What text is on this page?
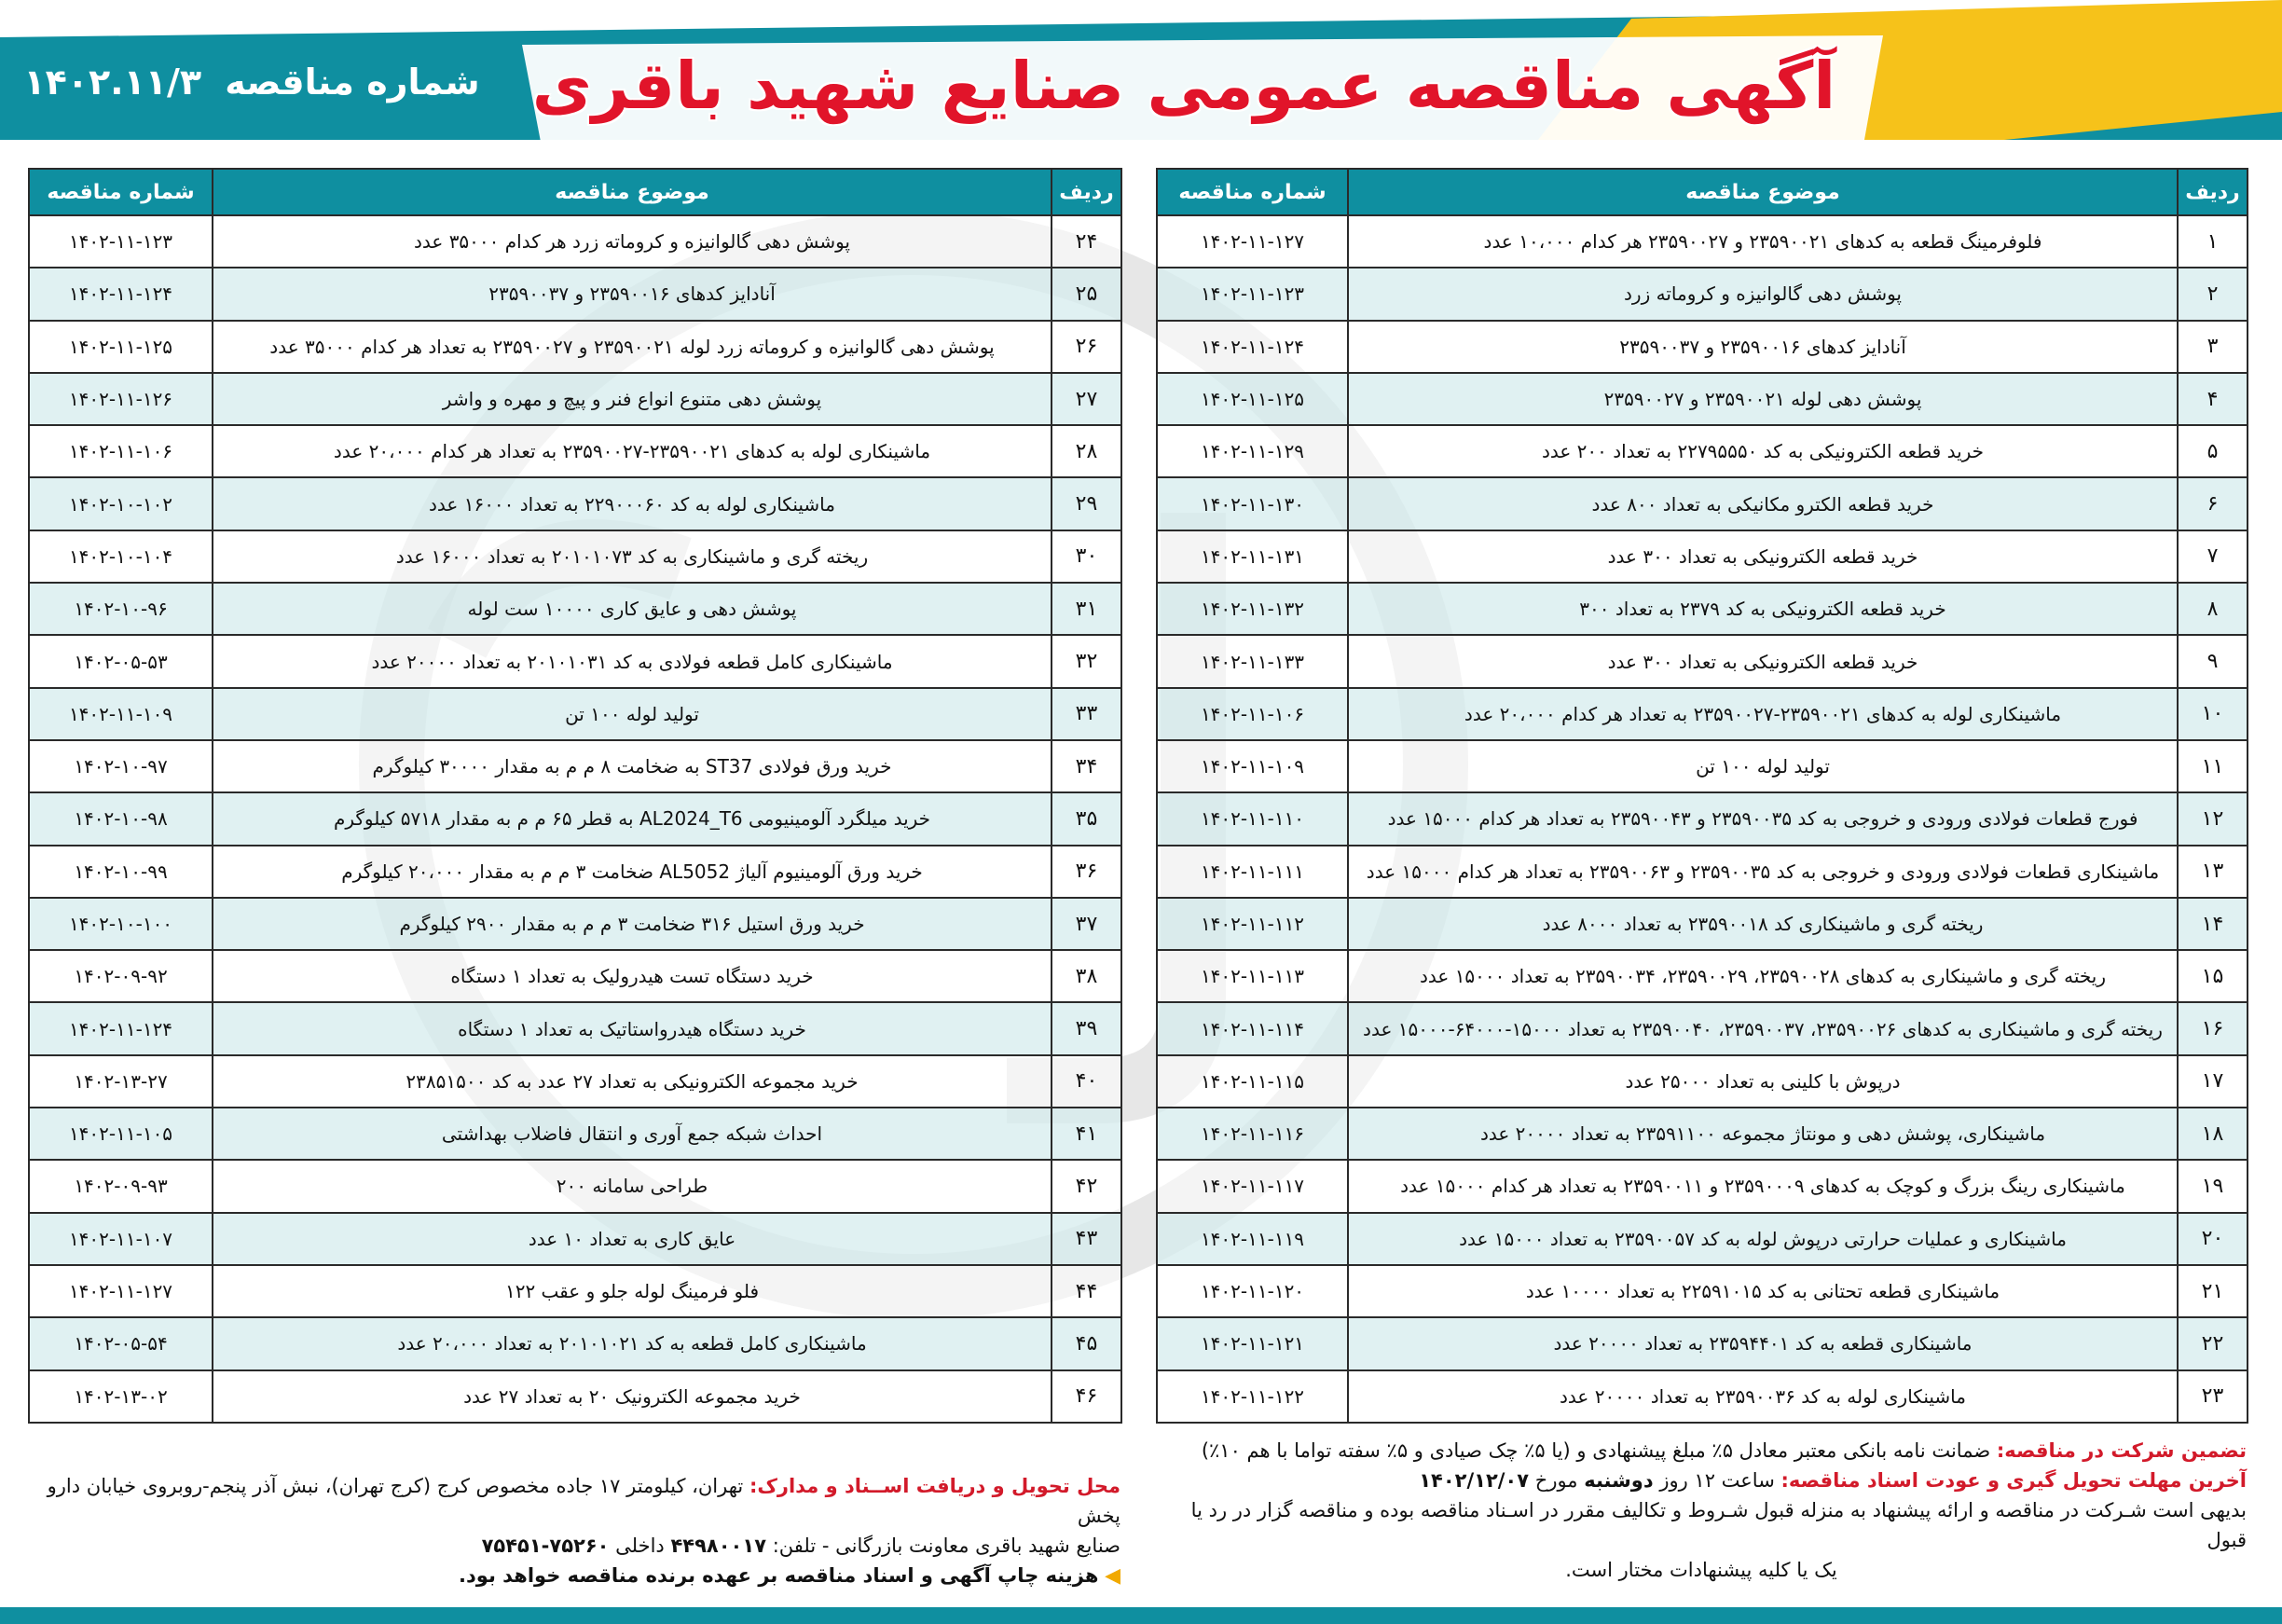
آگهی مناقصه عمومی صنایع شهید باقری
شماره مناقصه ۱۴۰۲.۱۱/۳
ردیف	موضوع مناقصه	شماره مناقصه
۱	فلوفرمینگ قطعه به کدهای ۲۳۵۹۰۰۲۱ و ۲۳۵۹۰۰۲۷ هر کدام ۱۰،۰۰۰ عدد	۱۴۰۲-۱۱-۱۲۷
۲	پوشش دهی گالوانیزه و کروماته زرد	۱۴۰۲-۱۱-۱۲۳
۳	آنادایز کدهای ۲۳۵۹۰۰۱۶ و ۲۳۵۹۰۰۳۷	۱۴۰۲-۱۱-۱۲۴
۴	پوشش دهی لوله ۲۳۵۹۰۰۲۱ و ۲۳۵۹۰۰۲۷	۱۴۰۲-۱۱-۱۲۵
۵	خرید قطعه الکترونیکی به کد ۲۲۷۹۵۵۵۰ به تعداد ۲۰۰ عدد	۱۴۰۲-۱۱-۱۲۹
۶	خرید قطعه الکترو مکانیکی به تعداد ۸۰۰ عدد	۱۴۰۲-۱۱-۱۳۰
۷	خرید قطعه الکترونیکی به تعداد ۳۰۰ عدد	۱۴۰۲-۱۱-۱۳۱
۸	خرید قطعه الکترونیکی به کد ۲۳۷۹ به تعداد ۳۰۰	۱۴۰۲-۱۱-۱۳۲
۹	خرید قطعه الکترونیکی به تعداد ۳۰۰ عدد	۱۴۰۲-۱۱-۱۳۳
۱۰	ماشینکاری لوله به کدهای ۲۳۵۹۰۰۲۱-۲۳۵۹۰۰۲۷ به تعداد هر کدام ۲۰،۰۰۰ عدد	۱۴۰۲-۱۱-۱۰۶
۱۱	تولید لوله ۱۰۰ تن	۱۴۰۲-۱۱-۱۰۹
۱۲	فورج قطعات فولادی ورودی و خروجی به کد ۲۳۵۹۰۰۳۵ و ۲۳۵۹۰۰۴۳ به تعداد هر کدام ۱۵۰۰۰ عدد	۱۴۰۲-۱۱-۱۱۰
۱۳	ماشینکاری قطعات فولادی ورودی و خروجی به کد ۲۳۵۹۰۰۳۵ و ۲۳۵۹۰۰۶۳ به تعداد هر کدام ۱۵۰۰۰ عدد	۱۴۰۲-۱۱-۱۱۱
۱۴	ریخته گری و ماشینکاری کد ۲۳۵۹۰۰۱۸ به تعداد ۸۰۰۰ عدد	۱۴۰۲-۱۱-۱۱۲
۱۵	ریخته گری و ماشینکاری به کدهای ۲۳۵۹۰۰۲۸، ۲۳۵۹۰۰۲۹، ۲۳۵۹۰۰۳۴ به تعداد ۱۵۰۰۰ عدد	۱۴۰۲-۱۱-۱۱۳
۱۶	ریخته گری و ماشینکاری به کدهای ۲۳۵۹۰۰۲۶، ۲۳۵۹۰۰۳۷، ۲۳۵۹۰۰۴۰ به تعداد ۱۵۰۰۰-۶۴۰۰۰-۱۵۰۰۰ عدد	۱۴۰۲-۱۱-۱۱۴
۱۷	درپوش با کلینی به تعداد ۲۵۰۰۰ عدد	۱۴۰۲-۱۱-۱۱۵
۱۸	ماشینکاری، پوشش دهی و مونتاژ مجموعه ۲۳۵۹۱۱۰۰ به تعداد ۲۰۰۰۰ عدد	۱۴۰۲-۱۱-۱۱۶
۱۹	ماشینکاری رینگ بزرگ و کوچک به کدهای ۲۳۵۹۰۰۰۹ و ۲۳۵۹۰۰۱۱ به تعداد هر کدام ۱۵۰۰۰ عدد	۱۴۰۲-۱۱-۱۱۷
۲۰	ماشینکاری و عملیات حرارتی درپوش لوله به کد ۲۳۵۹۰۰۵۷ به تعداد ۱۵۰۰۰ عدد	۱۴۰۲-۱۱-۱۱۹
۲۱	ماشینکاری قطعه تحتانی به کد ۲۲۵۹۱۰۱۵ به تعداد ۱۰۰۰۰ عدد	۱۴۰۲-۱۱-۱۲۰
۲۲	ماشینکاری قطعه به کد ۲۳۵۹۴۴۰۱ به تعداد ۲۰۰۰۰ عدد	۱۴۰۲-۱۱-۱۲۱
۲۳	ماشینکاری لوله به کد ۲۳۵۹۰۰۳۶ به تعداد ۲۰۰۰۰ عدد	۱۴۰۲-۱۱-۱۲۲
ردیف	موضوع مناقصه	شماره مناقصه
۲۴	پوشش دهی گالوانیزه و کروماته زرد هر کدام ۳۵۰۰۰ عدد	۱۴۰۲-۱۱-۱۲۳
۲۵	آنادایز کدهای ۲۳۵۹۰۰۱۶ و ۲۳۵۹۰۰۳۷	۱۴۰۲-۱۱-۱۲۴
۲۶	پوشش دهی گالوانیزه و کروماته زرد لوله ۲۳۵۹۰۰۲۱ و ۲۳۵۹۰۰۲۷ به تعداد هر کدام ۳۵۰۰۰ عدد	۱۴۰۲-۱۱-۱۲۵
۲۷	پوشش دهی متنوع انواع فنر و پیچ و مهره و واشر	۱۴۰۲-۱۱-۱۲۶
۲۸	ماشینکاری لوله به کدهای ۲۳۵۹۰۰۲۱-۲۳۵۹۰۰۲۷ به تعداد هر کدام ۲۰،۰۰۰ عدد	۱۴۰۲-۱۱-۱۰۶
۲۹	ماشینکاری لوله به کد ۲۲۹۰۰۰۶۰ به تعداد ۱۶۰۰۰ عدد	۱۴۰۲-۱۰-۱۰۲
۳۰	ریخته گری و ماشینکاری به کد ۲۰۱۰۱۰۷۳ به تعداد ۱۶۰۰۰ عدد	۱۴۰۲-۱۰-۱۰۴
۳۱	پوشش دهی و عایق کاری ۱۰۰۰۰ ست لوله	۱۴۰۲-۱۰-۹۶
۳۲	ماشینکاری کامل قطعه فولادی به کد ۲۰۱۰۱۰۳۱ به تعداد ۲۰۰۰۰ عدد	۱۴۰۲-۰۵-۵۳
۳۳	تولید لوله ۱۰۰ تن	۱۴۰۲-۱۱-۱۰۹
۳۴	خرید ورق فولادی ST37 به ضخامت ۸ م م به مقدار ۳۰۰۰۰ کیلوگرم	۱۴۰۲-۱۰-۹۷
۳۵	خرید میلگرد آلومینیومی AL2024_T6 به قطر ۶۵ م م به مقدار ۵۷۱۸ کیلوگرم	۱۴۰۲-۱۰-۹۸
۳۶	خرید ورق آلومینیوم آلیاژ AL5052 ضخامت ۳ م م به مقدار ۲۰،۰۰۰ کیلوگرم	۱۴۰۲-۱۰-۹۹
۳۷	خرید ورق استیل ۳۱۶ ضخامت ۳ م م به مقدار ۲۹۰۰ کیلوگرم	۱۴۰۲-۱۰-۱۰۰
۳۸	خرید دستگاه تست هیدرولیک به تعداد ۱ دستگاه	۱۴۰۲-۰۹-۹۲
۳۹	خرید دستگاه هیدرواستاتیک به تعداد ۱ دستگاه	۱۴۰۲-۱۱-۱۲۴
۴۰	خرید مجموعه الکترونیکی به تعداد ۲۷ عدد به کد ۲۳۸۵۱۵۰۰	۱۴۰۲-۱۳-۲۷
۴۱	احداث شبکه جمع آوری و انتقال فاضلاب بهداشتی	۱۴۰۲-۱۱-۱۰۵
۴۲	طراحی سامانه ۲۰۰	۱۴۰۲-۰۹-۹۳
۴۳	عایق کاری به تعداد ۱۰ عدد	۱۴۰۲-۱۱-۱۰۷
۴۴	فلو فرمینگ لوله جلو و عقب ۱۲۲	۱۴۰۲-۱۱-۱۲۷
۴۵	ماشینکاری کامل قطعه به کد ۲۰۱۰۱۰۲۱ به تعداد ۲۰،۰۰۰ عدد	۱۴۰۲-۰۵-۵۴
۴۶	خرید مجموعه الکترونیک ۲۰ به تعداد ۲۷ عدد	۱۴۰۲-۱۳-۰۲
تضمین شرکت در مناقصه: ضمانت نامه بانکی معتبر معادل ۵٪ مبلغ پیشنهادی و (یا ۵٪ چک صیادی و ۵٪ سفته تواما با هم ۱۰٪)
آخرین مهلت تحویل گیری و عودت اسناد مناقصه: ساعت ۱۲ روز دوشنبه مورخ ۱۴۰۲/۱۲/۰۷
بدیهی است شـرکت در مناقصه و ارائه پیشنهاد به منزله قبول شـروط و تکالیف مقرر در اسـناد مناقصه بوده و مناقصه گزار در رد یا قبول
یک یا کلیه پیشنهادات مختار است.
محل تحویل و دریافت اســناد و مدارک: تهران، کیلومتر ۱۷ جاده مخصوص کرج (کرج تهران)، نبش آذر پنجم-روبروی خیابان دارو پخش
صنایع شهید باقری معاونت بازرگانی - تلفن: ۴۴۹۸۰۰۱۷ داخلی ۷۵۲۶۰-۷۵۴۵۱
◀ هزینه چاپ آگهی و اسناد مناقصه بر عهده برنده مناقصه خواهد بود.
